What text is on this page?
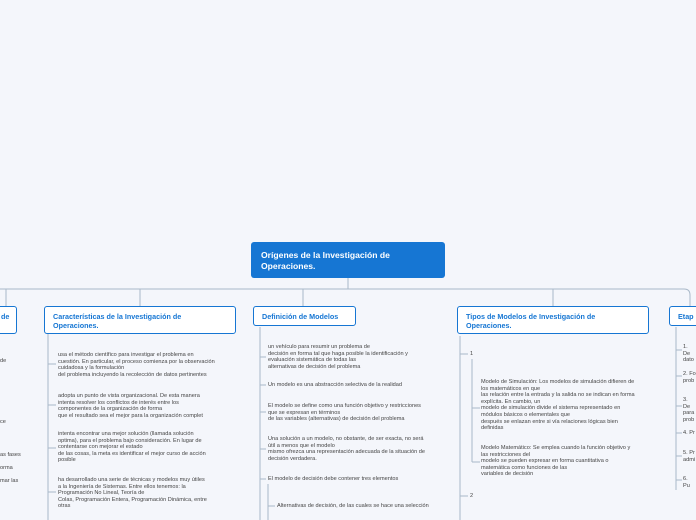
Orígenes de la Investigación de Operaciones.
de
de
ce
as fases
orma
mar las
Características de la Investigación de Operaciones.
usa el método científico para investigar el problema en
cuestión. En particular, el proceso comienza por la observación
cuidadosa y la formulación
del problema incluyendo la recolección de datos pertinentes
adopta un punto de vista organizacional. De esta manera
intenta resolver los conflictos de interés entre los
componentes de la organización de forma
que el resultado sea el mejor para la organización complet
intenta encontrar una mejor solución (llamada solución
optima), para el problema bajo consideración. En lugar de
contentarse con mejorar el estado
de las cosas, la meta es identificar el mejor curso de acción
posible
ha desarrollado una serie de técnicas y modelos muy útiles
a la Ingeniería de Sistemas. Entre ellos tenemos: la
Programación No Lineal, Teoría de
Colas, Programación Entera, Programación Dinámica, entre
otras
Definición de Modelos
un vehículo para resumir un problema de
decisión en forma tal que haga posible la identificación y
evaluación sistemática de todas las
alternativas de decisión del problema
Un modelo es una abstracción selectiva de la realidad
El modelo se define como una función objetivo y restricciones
que se expresan en términos
de las variables (alternativas) de decisión del problema
Una solución a un modelo, no obstante, de ser exacta, no será
útil a menos que el modelo
mismo ofrezca una representación adecuada de la situación de
decisión verdadera.
El modelo de decisión debe contener tres elementos
Alternativas de decisión, de las cuales se hace una selección
Tipos de Modelos de Investigación de Operaciones.
1
Modelo de Simulación: Los modelos de simulación difieren de
los matemáticos en que
las relación entre la entrada y la salida no se indican en forma
explícita. En cambio, un
modelo de simulación divide el sistema representado en
módulos básicos o elementales que
después se enlazan entre si vía relaciones lógicas bien
definidas
Modelo Matemático: Se emplea cuando la función objetivo y
las restricciones del
modelo se pueden expresar en forma cuantitativa o
matemática como funciones de las
variables de decisión
2
Etap
1. De
dato
2. Fo
prob
3. De
para
prob
4. Pr
5. Pr
admi
6. Pu
